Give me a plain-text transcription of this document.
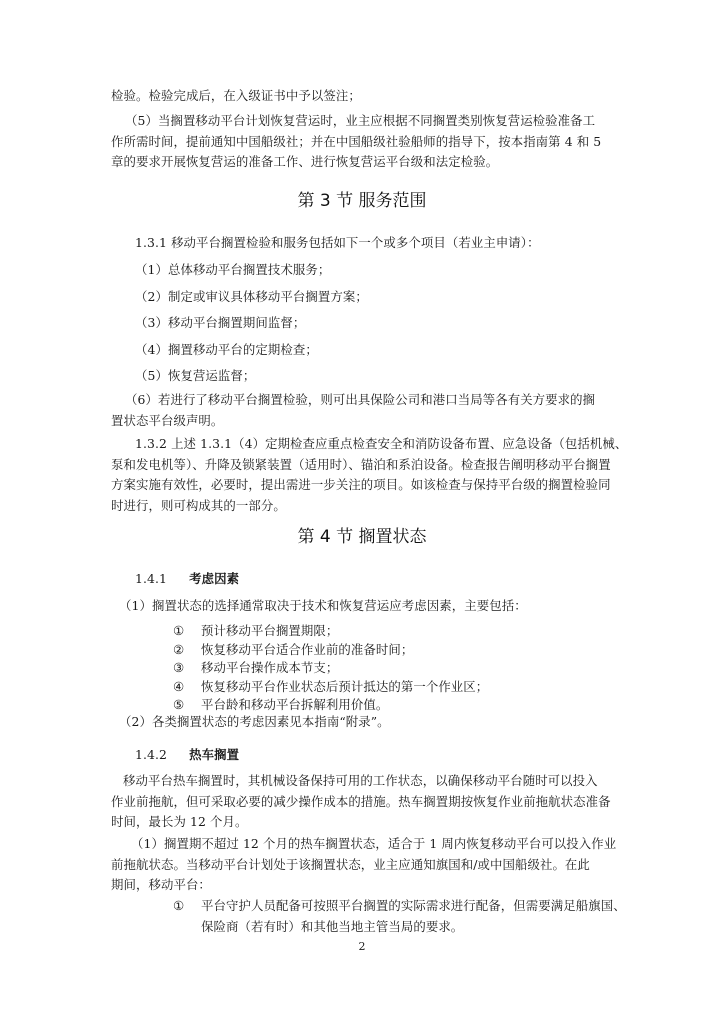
检验。检验完成后，在入级证书中予以签注；
（5）当搁置移动平台计划恢复营运时，业主应根据不同搁置类别恢复营运检验准备工
作所需时间，提前通知中国船级社；并在中国船级社验船师的指导下，按本指南第 4 和 5
章的要求开展恢复营运的准备工作、进行恢复营运平台级和法定检验。
第 3 节 服务范围
1.3.1 移动平台搁置检验和服务包括如下一个或多个项目（若业主申请）：
（1）总体移动平台搁置技术服务；
（2）制定或审议具体移动平台搁置方案；
（3）移动平台搁置期间监督；
（4）搁置移动平台的定期检查；
（5）恢复营运监督；
（6）若进行了移动平台搁置检验，则可出具保险公司和港口当局等各有关方要求的搁
置状态平台级声明。
1.3.2 上述 1.3.1（4）定期检查应重点检查安全和消防设备布置、应急设备（包括机械、
泵和发电机等）、升降及锁紧装置（适用时）、锚泊和系泊设备。检查报告阐明移动平台搁置
方案实施有效性，必要时，提出需进一步关注的项目。如该检查与保持平台级的搁置检验同
时进行，则可构成其的一部分。
第 4 节 搁置状态
1.4.1 考虑因素
（1）搁置状态的选择通常取决于技术和恢复营运应考虑因素，主要包括：
① 预计移动平台搁置期限；
② 恢复移动平台适合作业前的准备时间；
③ 移动平台操作成本节支；
④ 恢复移动平台作业状态后预计抵达的第一个作业区；
⑤ 平台龄和移动平台拆解利用价值。
（2）各类搁置状态的考虑因素见本指南“附录”。
1.4.2 热车搁置
移动平台热车搁置时，其机械设备保持可用的工作状态，以确保移动平台随时可以投入
作业前拖航，但可采取必要的减少操作成本的措施。热车搁置期按恢复作业前拖航状态准备
时间，最长为 12 个月。
（1）搁置期不超过 12 个月的热车搁置状态，适合于 1 周内恢复移动平台可以投入作业
前拖航状态。当移动平台计划处于该搁置状态，业主应通知旗国和/或中国船级社。在此
期间，移动平台：
① 平台守护人员配备可按照平台搁置的实际需求进行配备，但需要满足船旗国、
保险商（若有时）和其他当地主管当局的要求。
2
